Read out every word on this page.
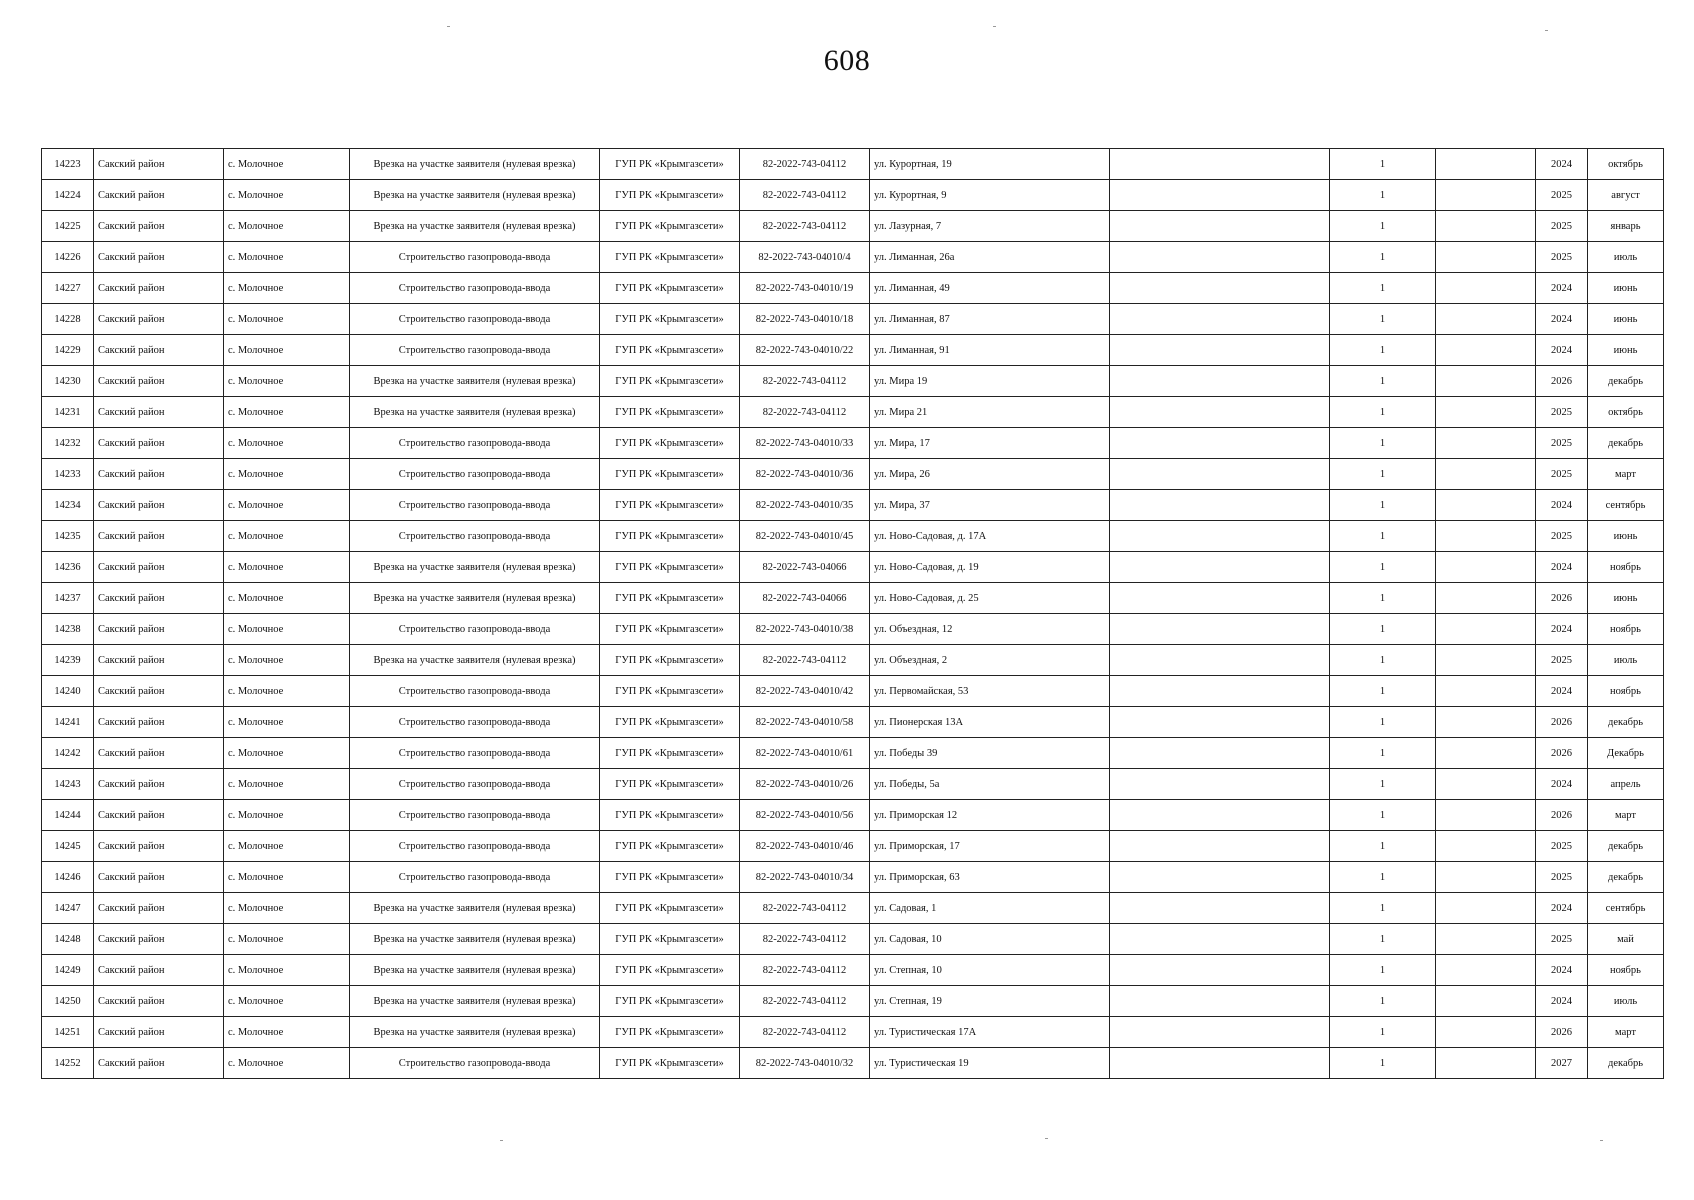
608
14223	Сакский район	с. Молочное	Врезка на участке заявителя (нулевая врезка)	ГУП РК «Крымгазсети»	82-2022-743-04112	ул. Курортная, 19		1		2024	октябрь
14224	Сакский район	с. Молочное	Врезка на участке заявителя (нулевая врезка)	ГУП РК «Крымгазсети»	82-2022-743-04112	ул. Курортная, 9		1		2025	август
14225	Сакский район	с. Молочное	Врезка на участке заявителя (нулевая врезка)	ГУП РК «Крымгазсети»	82-2022-743-04112	ул. Лазурная, 7		1		2025	январь
14226	Сакский район	с. Молочное	Строительство газопровода-ввода	ГУП РК «Крымгазсети»	82-2022-743-04010/4	ул. Лиманная, 26а		1		2025	июль
14227	Сакский район	с. Молочное	Строительство газопровода-ввода	ГУП РК «Крымгазсети»	82-2022-743-04010/19	ул. Лиманная, 49		1		2024	июнь
14228	Сакский район	с. Молочное	Строительство газопровода-ввода	ГУП РК «Крымгазсети»	82-2022-743-04010/18	ул. Лиманная, 87		1		2024	июнь
14229	Сакский район	с. Молочное	Строительство газопровода-ввода	ГУП РК «Крымгазсети»	82-2022-743-04010/22	ул. Лиманная, 91		1		2024	июнь
14230	Сакский район	с. Молочное	Врезка на участке заявителя (нулевая врезка)	ГУП РК «Крымгазсети»	82-2022-743-04112	ул. Мира 19		1		2026	декабрь
14231	Сакский район	с. Молочное	Врезка на участке заявителя (нулевая врезка)	ГУП РК «Крымгазсети»	82-2022-743-04112	ул. Мира 21		1		2025	октябрь
14232	Сакский район	с. Молочное	Строительство газопровода-ввода	ГУП РК «Крымгазсети»	82-2022-743-04010/33	ул. Мира, 17		1		2025	декабрь
14233	Сакский район	с. Молочное	Строительство газопровода-ввода	ГУП РК «Крымгазсети»	82-2022-743-04010/36	ул. Мира, 26		1		2025	март
14234	Сакский район	с. Молочное	Строительство газопровода-ввода	ГУП РК «Крымгазсети»	82-2022-743-04010/35	ул. Мира, 37		1		2024	сентябрь
14235	Сакский район	с. Молочное	Строительство газопровода-ввода	ГУП РК «Крымгазсети»	82-2022-743-04010/45	ул. Ново-Садовая, д. 17А		1		2025	июнь
14236	Сакский район	с. Молочное	Врезка на участке заявителя (нулевая врезка)	ГУП РК «Крымгазсети»	82-2022-743-04066	ул. Ново-Садовая, д. 19		1		2024	ноябрь
14237	Сакский район	с. Молочное	Врезка на участке заявителя (нулевая врезка)	ГУП РК «Крымгазсети»	82-2022-743-04066	ул. Ново-Садовая, д. 25		1		2026	июнь
14238	Сакский район	с. Молочное	Строительство газопровода-ввода	ГУП РК «Крымгазсети»	82-2022-743-04010/38	ул. Объездная, 12		1		2024	ноябрь
14239	Сакский район	с. Молочное	Врезка на участке заявителя (нулевая врезка)	ГУП РК «Крымгазсети»	82-2022-743-04112	ул. Объездная, 2		1		2025	июль
14240	Сакский район	с. Молочное	Строительство газопровода-ввода	ГУП РК «Крымгазсети»	82-2022-743-04010/42	ул. Первомайская, 53		1		2024	ноябрь
14241	Сакский район	с. Молочное	Строительство газопровода-ввода	ГУП РК «Крымгазсети»	82-2022-743-04010/58	ул. Пионерская 13А		1		2026	декабрь
14242	Сакский район	с. Молочное	Строительство газопровода-ввода	ГУП РК «Крымгазсети»	82-2022-743-04010/61	ул. Победы 39		1		2026	Декабрь
14243	Сакский район	с. Молочное	Строительство газопровода-ввода	ГУП РК «Крымгазсети»	82-2022-743-04010/26	ул. Победы, 5а		1		2024	апрель
14244	Сакский район	с. Молочное	Строительство газопровода-ввода	ГУП РК «Крымгазсети»	82-2022-743-04010/56	ул. Приморская 12		1		2026	март
14245	Сакский район	с. Молочное	Строительство газопровода-ввода	ГУП РК «Крымгазсети»	82-2022-743-04010/46	ул. Приморская, 17		1		2025	декабрь
14246	Сакский район	с. Молочное	Строительство газопровода-ввода	ГУП РК «Крымгазсети»	82-2022-743-04010/34	ул. Приморская, 63		1		2025	декабрь
14247	Сакский район	с. Молочное	Врезка на участке заявителя (нулевая врезка)	ГУП РК «Крымгазсети»	82-2022-743-04112	ул. Садовая, 1		1		2024	сентябрь
14248	Сакский район	с. Молочное	Врезка на участке заявителя (нулевая врезка)	ГУП РК «Крымгазсети»	82-2022-743-04112	ул. Садовая, 10		1		2025	май
14249	Сакский район	с. Молочное	Врезка на участке заявителя (нулевая врезка)	ГУП РК «Крымгазсети»	82-2022-743-04112	ул. Степная, 10		1		2024	ноябрь
14250	Сакский район	с. Молочное	Врезка на участке заявителя (нулевая врезка)	ГУП РК «Крымгазсети»	82-2022-743-04112	ул. Степная, 19		1		2024	июль
14251	Сакский район	с. Молочное	Врезка на участке заявителя (нулевая врезка)	ГУП РК «Крымгазсети»	82-2022-743-04112	ул. Туристическая 17А		1		2026	март
14252	Сакский район	с. Молочное	Строительство газопровода-ввода	ГУП РК «Крымгазсети»	82-2022-743-04010/32	ул. Туристическая 19		1		2027	декабрь
